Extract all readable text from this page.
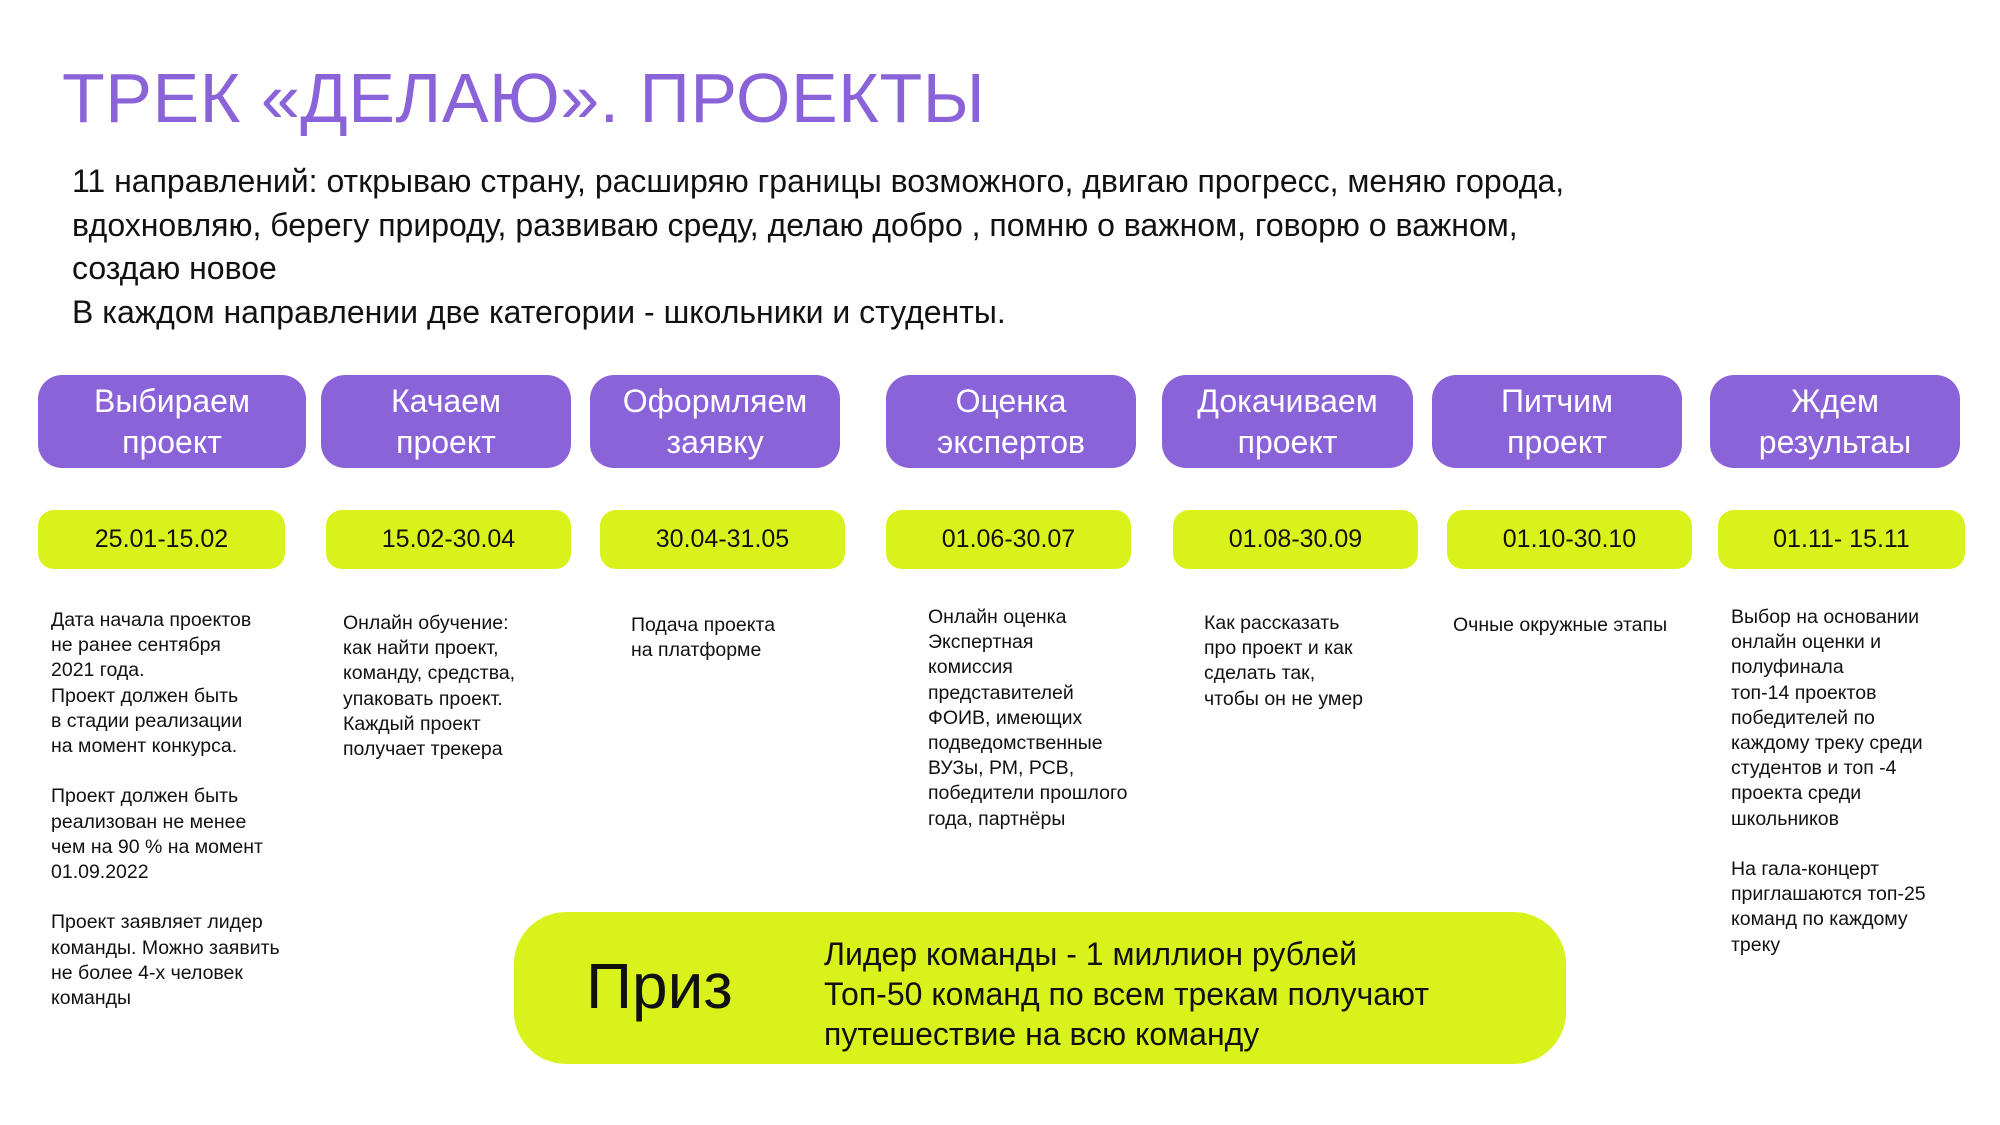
ТРЕК «ДЕЛАЮ». ПРОЕКТЫ
11 направлений: открываю страну, расширяю границы возможного, двигаю прогресс, меняю города,
вдохновляю, берегу природу, развиваю среду, делаю добро , помню о важном, говорю о важном,
создаю новое
В каждом направлении две категории - школьники и студенты.
Выбираем
проект
25.01-15.02
Дата начала проектов
не ранее сентября
2021 года.
Проект должен быть
в стадии реализации
на момент конкурса.

Проект должен быть
реализован не менее
чем на 90 % на момент
01.09.2022

Проект заявляет лидер
команды. Можно заявить
не более 4-х человек
команды
Качаем
проект
15.02-30.04
Онлайн обучение:
как найти проект,
команду, средства,
упаковать проект.
Каждый проект
получает трекера
Оформляем
заявку
30.04-31.05
Подача проекта
на платформе
Оценка
экспертов
01.06-30.07
Онлайн оценка
Экспертная
комиссия
представителей
ФОИВ, имеющих
подведомственные
ВУЗы, РМ, РСВ,
победители прошлого
года, партнёры
Докачиваем
проект
01.08-30.09
Как рассказать
про проект и как
сделать так,
чтобы он не умер
Питчим
проект
01.10-30.10
Очные окружные этапы
Ждем
результаы
01.11- 15.11
Выбор на основании
онлайн оценки и
полуфинала
топ-14 проектов
победителей по
каждому треку среди
студентов и топ -4
проекта среди
школьников

На гала-концерт
приглашаются топ-25
команд по каждому
треку
Приз	Лидер команды - 1 миллион рублей
Топ-50 команд по всем трекам получают
путешествие на всю команду
